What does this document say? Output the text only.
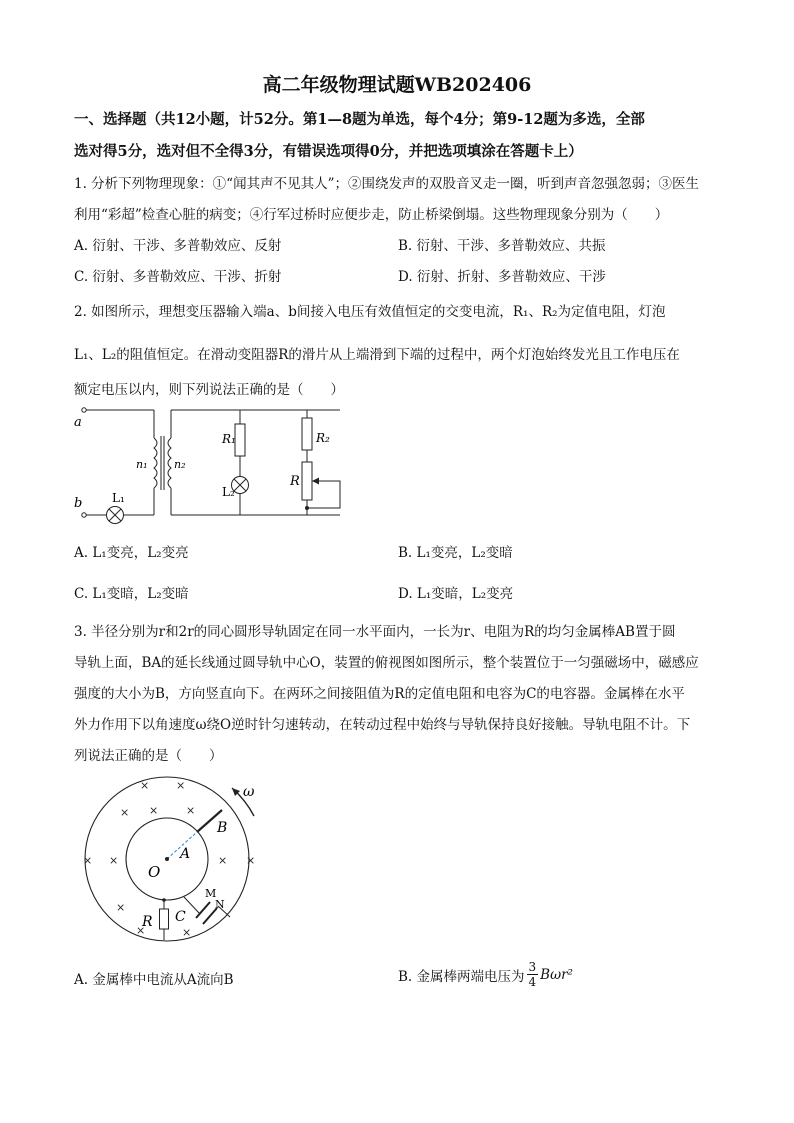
高二年级物理试题WB202406
一、选择题（共12小题，计52分。第1—8题为单选，每个4分；第9-12题为多选，全部
选对得5分，选对但不全得3分，有错误选项得0分，并把选项填涂在答题卡上）
1. 分析下列物理现象：①“闻其声不见其人”；②围绕发声的双股音叉走一圈，听到声音忽强忽弱；③医生
利用“彩超”检查心脏的病变；④行军过桥时应便步走，防止桥梁倒塌。这些物理现象分别为（　　）
A. 衍射、干涉、多普勒效应、反射	B. 衍射、干涉、多普勒效应、共振
C. 衍射、多普勒效应、干涉、折射	D. 衍射、折射、多普勒效应、干涉
2. 如图所示，理想变压器输入端a、b间接入电压有效值恒定的交变电流，R₁、R₂为定值电阻，灯泡
L₁、L₂的阻值恒定。在滑动变阻器R的滑片从上端滑到下端的过程中，两个灯泡始终发光且工作电压在
额定电压以内，则下列说法正确的是（　　）
a
b
n₁ n₂
L₁
R₁
L₂
R₂
R
A. L₁变亮，L₂变亮	B. L₁变亮，L₂变暗
C. L₁变暗，L₂变暗	D. L₁变暗，L₂变亮
3. 半径分别为r和2r的同心圆形导轨固定在同一水平面内，一长为r、电阻为R的均匀金属棒AB置于圆
导轨上面，BA的延长线通过圆导轨中心O，装置的俯视图如图所示，整个装置位于一匀强磁场中，磁感应
强度的大小为B，方向竖直向下。在两环之间接阻值为R的定值电阻和电容为C的电容器。金属棒在水平
外力作用下以角速度ω绕O逆时针匀速转动，在转动过程中始终与导轨保持良好接触。导轨电阻不计。下
列说法正确的是（　　）
R C
M
N
ω
B
A
O
× ×
× ×	×
× ×	× ×
×
×	×
A. 金属棒中电流从A流向B	B. 金属棒两端电压为 $\frac{3}{4} B\omega r^2$
